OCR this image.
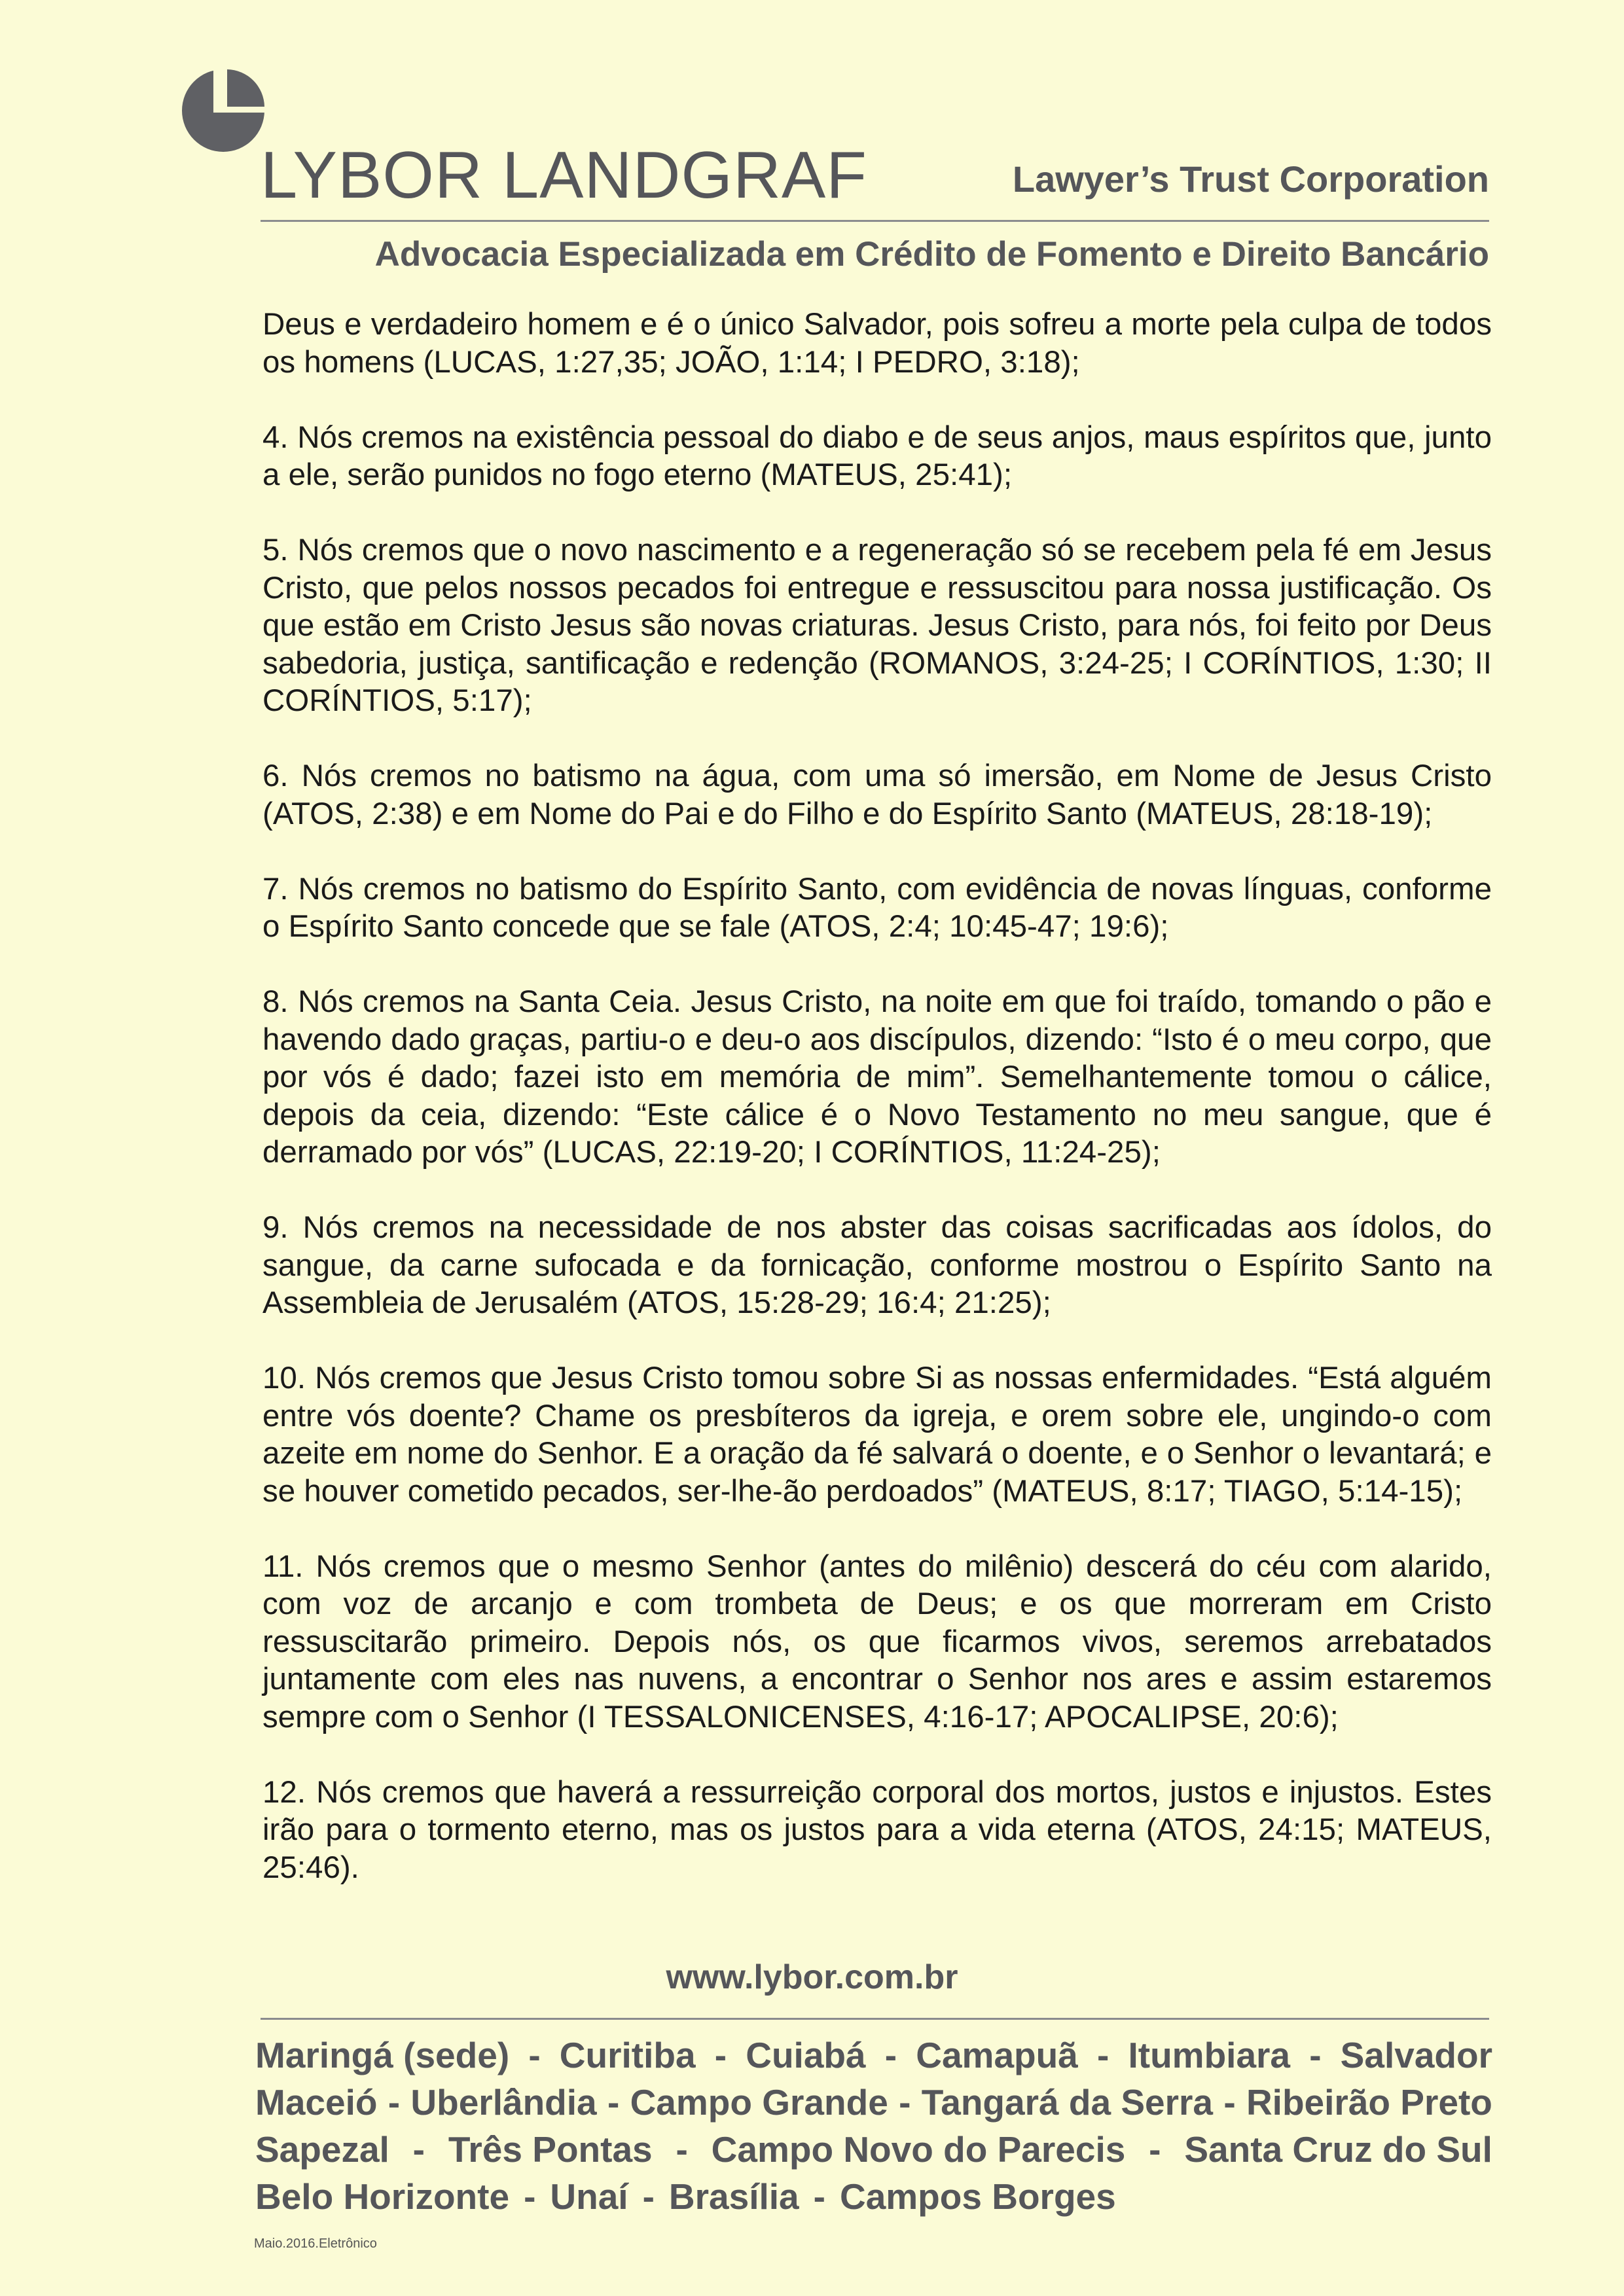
LYBOR LANDGRAF	Lawyer’s Trust Corporation
Advocacia Especializada em Crédito de Fomento e Direito Bancário

Deus e verdadeiro homem e é o único Salvador, pois sofreu a morte pela culpa de todos os homens (LUCAS, 1:27,35; JOÃO, 1:14; I PEDRO, 3:18);

4. Nós cremos na existência pessoal do diabo e de seus anjos, maus espíritos que, junto a ele, serão punidos no fogo eterno (MATEUS, 25:41);

5. Nós cremos que o novo nascimento e a regeneração só se recebem pela fé em Jesus Cristo, que pelos nossos pecados foi entregue e ressuscitou para nossa justificação. Os que estão em Cristo Jesus são novas criaturas. Jesus Cristo, para nós, foi feito por Deus sabedoria, justiça, santificação e redenção (ROMANOS, 3:24-25; I CORÍNTIOS, 1:30; II CORÍNTIOS, 5:17);

6. Nós cremos no batismo na água, com uma só imersão, em Nome de Jesus Cristo (ATOS, 2:38) e em Nome do Pai e do Filho e do Espírito Santo (MATEUS, 28:18-19);

7. Nós cremos no batismo do Espírito Santo, com evidência de novas línguas, conforme o Espírito Santo concede que se fale (ATOS, 2:4; 10:45-47; 19:6);

8. Nós cremos na Santa Ceia. Jesus Cristo, na noite em que foi traído, tomando o pão e havendo dado graças, partiu-o e deu-o aos discípulos, dizendo: “Isto é o meu corpo, que por vós é dado; fazei isto em memória de mim”. Semelhantemente tomou o cálice, depois da ceia, dizendo: “Este cálice é o Novo Testamento no meu sangue, que é derramado por vós” (LUCAS, 22:19-20; I CORÍNTIOS, 11:24-25);

9. Nós cremos na necessidade de nos abster das coisas sacrificadas aos ídolos, do sangue, da carne sufocada e da fornicação, conforme mostrou o Espírito Santo na Assembleia de Jerusalém (ATOS, 15:28-29; 16:4; 21:25);

10. Nós cremos que Jesus Cristo tomou sobre Si as nossas enfermidades. “Está alguém entre vós doente? Chame os presbíteros da igreja, e orem sobre ele, ungindo-o com azeite em nome do Senhor. E a oração da fé salvará o doente, e o Senhor o levantará; e se houver cometido pecados, ser-lhe-ão perdoados” (MATEUS, 8:17; TIAGO, 5:14-15);

11. Nós cremos que o mesmo Senhor (antes do milênio) descerá do céu com alarido, com voz de arcanjo e com trombeta de Deus; e os que morreram em Cristo ressuscitarão primeiro. Depois nós, os que ficarmos vivos, seremos arrebatados juntamente com eles nas nuvens, a encontrar o Senhor nos ares e assim estaremos sempre com o Senhor (I TESSALONICENSES, 4:16-17; APOCALIPSE, 20:6);

12. Nós cremos que haverá a ressurreição corporal dos mortos, justos e injustos. Estes irão para o tormento eterno, mas os justos para a vida eterna (ATOS, 24:15; MATEUS, 25:46).

www.lybor.com.br
Maringá (sede) - Curitiba - Cuiabá - Camapuã - Itumbiara - Salvador
Maceió - Uberlândia - Campo Grande - Tangará da Serra - Ribeirão Preto
Sapezal - Três Pontas - Campo Novo do Parecis - Santa Cruz do Sul
Belo Horizonte - Unaí - Brasília - Campos Borges
Maio.2016.Eletrônico
